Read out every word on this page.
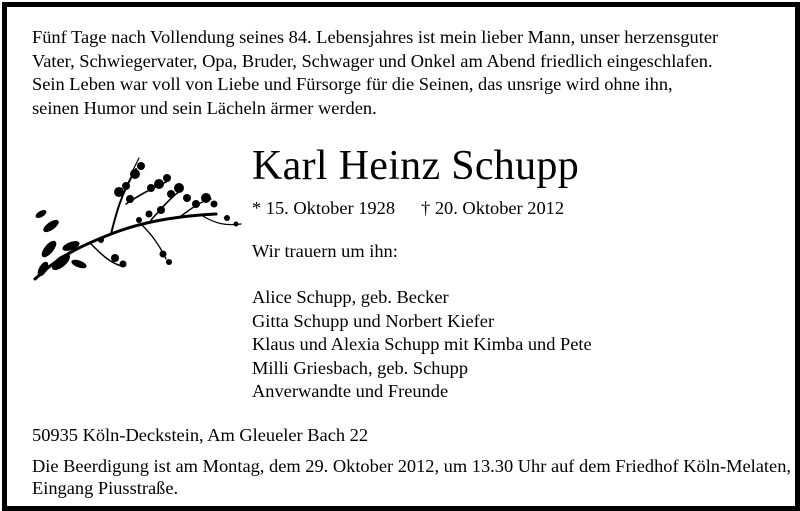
Fünf Tage nach Vollendung seines 84. Lebensjahres ist mein lieber Mann, unser herzensguter
Vater, Schwiegervater, Opa, Bruder, Schwager und Onkel am Abend friedlich eingeschlafen.
Sein Leben war voll von Liebe und Fürsorge für die Seinen, das unsrige wird ohne ihn,
seinen Humor und sein Lächeln ärmer werden.

Karl Heinz Schupp
* 15. Oktober 1928 † 20. Oktober 2012
Wir trauern um ihn:
Alice Schupp, geb. Becker
Gitta Schupp und Norbert Kiefer
Klaus und Alexia Schupp mit Kimba und Pete
Milli Griesbach, geb. Schupp
Anverwandte und Freunde
50935 Köln-Deckstein, Am Gleueler Bach 22

Die Beerdigung ist am Montag, dem 29. Oktober 2012, um 13.30 Uhr auf dem Friedhof Köln-Melaten,
Eingang Piusstraße.
